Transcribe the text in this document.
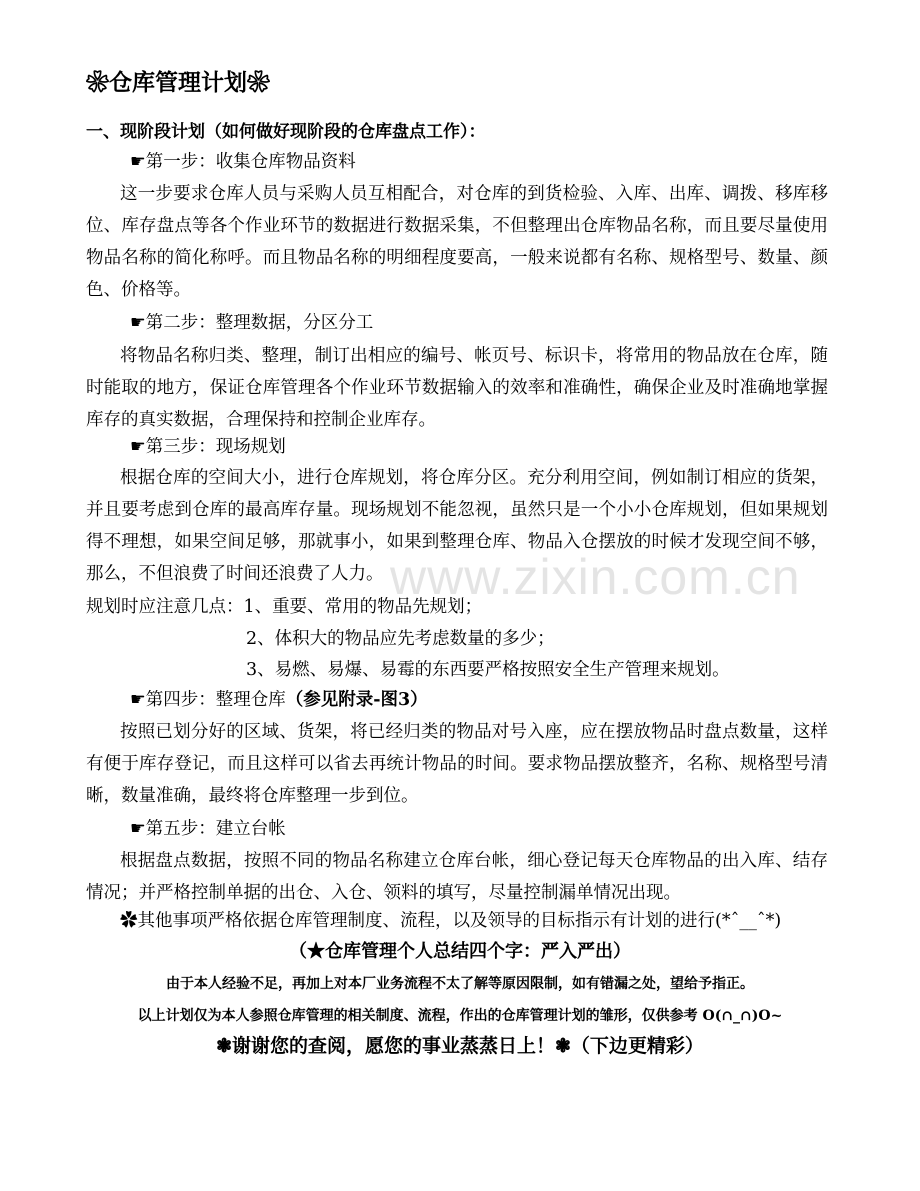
www.zixin.com.cn
❀仓库管理计划❀
一、现阶段计划（如何做好现阶段的仓库盘点工作）：
☛第一步：收集仓库物品资料
这一步要求仓库人员与采购人员互相配合，对仓库的到货检验、入库、出库、调拨、移库移位、库存盘点等各个作业环节的数据进行数据采集，不但整理出仓库物品名称，而且要尽量使用物品名称的简化称呼。而且物品名称的明细程度要高，一般来说都有名称、规格型号、数量、颜色、价格等。
☛第二步：整理数据，分区分工
将物品名称归类、整理，制订出相应的编号、帐页号、标识卡，将常用的物品放在仓库，随时能取的地方，保证仓库管理各个作业环节数据输入的效率和准确性，确保企业及时准确地掌握库存的真实数据，合理保持和控制企业库存。
☛第三步：现场规划
根据仓库的空间大小，进行仓库规划，将仓库分区。充分利用空间，例如制订相应的货架，并且要考虑到仓库的最高库存量。现场规划不能忽视，虽然只是一个小小仓库规划，但如果规划得不理想，如果空间足够，那就事小，如果到整理仓库、物品入仓摆放的时候才发现空间不够，那么，不但浪费了时间还浪费了人力。
规划时应注意几点：1、重要、常用的物品先规划；
2、体积大的物品应先考虑数量的多少；
3、易燃、易爆、易霉的东西要严格按照安全生产管理来规划。
☛第四步：整理仓库（参见附录-图3）
按照已划分好的区域、货架，将已经归类的物品对号入座，应在摆放物品时盘点数量，这样有便于库存登记，而且这样可以省去再统计物品的时间。要求物品摆放整齐，名称、规格型号清晰，数量准确，最终将仓库整理一步到位。
☛第五步：建立台帐
根据盘点数据，按照不同的物品名称建立仓库台帐，细心登记每天仓库物品的出入库、结存情况；并严格控制单据的出仓、入仓、领料的填写，尽量控制漏单情况出现。
✿其他事项严格依据仓库管理制度、流程，以及领导的目标指示有计划的进行(*ˆ__ˆ*)
（★仓库管理个人总结四个字：严入严出）
由于本人经验不足，再加上对本厂业务流程不太了解等原因限制，如有错漏之处，望给予指正。
以上计划仅为本人参照仓库管理的相关制度、流程，作出的仓库管理计划的雏形，仅供参考 O(∩_∩)O~
❃谢谢您的查阅，愿您的事业蒸蒸日上！❃（下边更精彩）
